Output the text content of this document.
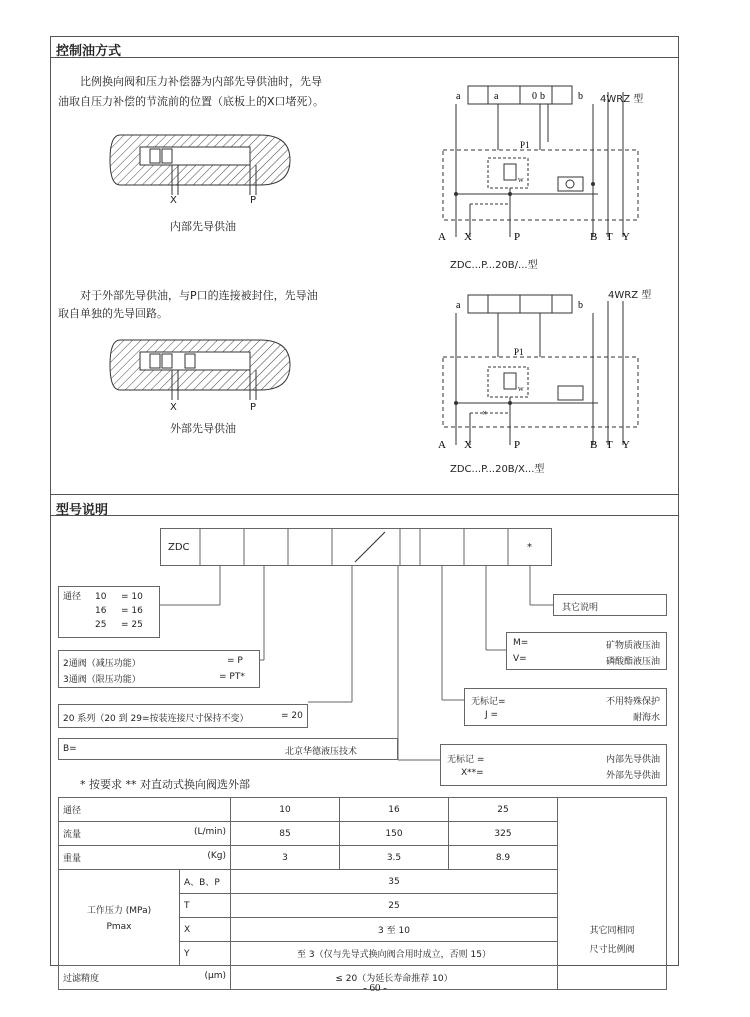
控制油方式
比例换向阀和压力补偿器为内部先导供油时，先导
油取自压力补偿的节流前的位置（底板上的X口堵死）。
X	P
内部先导供油
对于外部先导供油，与P口的连接被封住，先导油
取自单独的先导回路。
X	P
外部先导供油
a	a	0 b	b
P1
W
A X	P	B T Y
4WRZ 型
ZDC...P...20B/...型
a	b
P1
W
×
A X	P	B T Y
4WRZ 型
ZDC...P...20B/X...型
型号说明
ZDC	*
其它说明
通径 10 = 10
16 = 16
25 = 25
2通阀（减压功能）	= P
3通阀（限压功能）	= PT*
20 系列（20 到 29=按装连接尺寸保持不变）	= 20
B=	北京华德液压技术
M=	矿物质液压油
V=	磷酸酯液压油
无标记=	不用特殊保护
J =	耐海水
无标记 =	内部先导供油
X**=	外部先导供油
* 按要求 ** 对直动式换向阀选外部
通径		10	16	25	其它同相同
尺寸比例阀

流量 (L/min)		85	150	325	
重量 (Kg)		3	3.5	8.9	

工作压力 (MPa)
Pmax	A、B、P	35			
	T	25			
	X	3 至 10			
	Y	至 3（仅与先导式换向阀合用时成立，否则 15）			
过滤精度 (μm)		≤ 20（为延长寿命推荐 10）			
- 60 -
